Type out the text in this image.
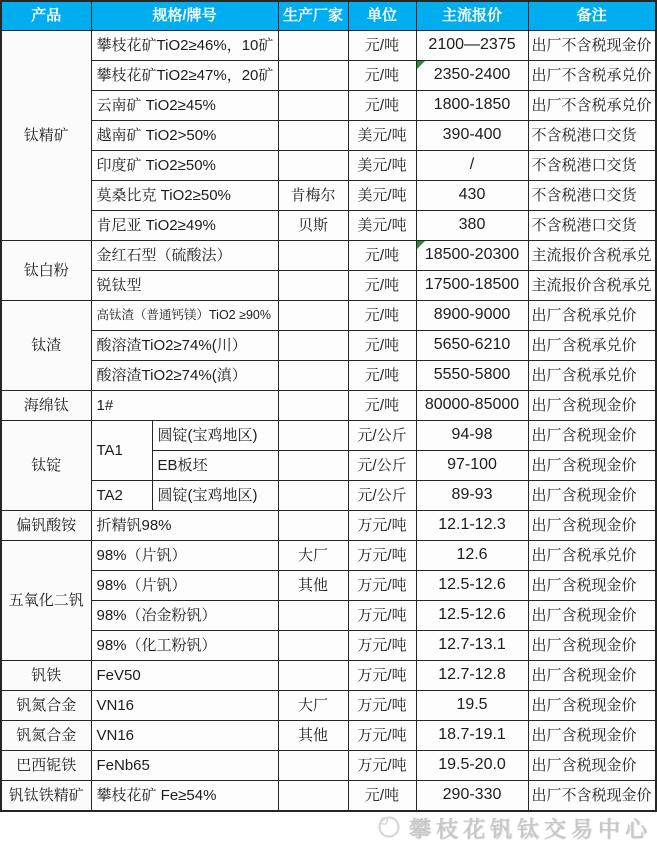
产品	规格/牌号		生产厂家	单位	主流报价	备注
钛精矿	攀枝花矿TiO2≥46%，10矿			元/吨	2100—2375	出厂不含税现金价
	攀枝花矿TiO2≥47%，20矿			元/吨	2350-2400	出厂不含税承兑价
	云南矿 TiO2≥45%			元/吨	1800-1850	出厂不含税承兑价
	越南矿 TiO2>50%			美元/吨	390-400	不含税港口交货
	印度矿 TiO2≥50%			美元/吨	/	不含税港口交货
	莫桑比克 TiO2≥50%		肯梅尔	美元/吨	430	不含税港口交货
	肯尼亚 TiO2≥49%		贝斯	美元/吨	380	不含税港口交货
钛白粉	金红石型（硫酸法）			元/吨	18500-20300	主流报价含税承兑
	锐钛型			元/吨	17500-18500	主流报价含税承兑
钛渣	高钛渣（普通钙镁）TiO2 ≥90%			元/吨	8900-9000	出厂含税承兑价
	酸溶渣TiO2≥74%(川）			元/吨	5650-6210	出厂含税承兑价
	酸溶渣TiO2≥74%(滇）			元/吨	5550-5800	出厂含税承兑价
海绵钛	1#			元/吨	80000-85000	出厂含税现金价
钛锭	TA1	圆锭(宝鸡地区)		元/公斤	94-98	出厂含税现金价
		EB板坯		元/公斤	97-100	出厂含税现金价
	TA2	圆锭(宝鸡地区)		元/公斤	89-93	出厂含税现金价
偏钒酸铵	折精钒98%			万元/吨	12.1-12.3	出厂含税现金价
五氧化二钒	98%（片钒）		大厂	万元/吨	12.6	出厂含税承兑价
	98%（片钒）		其他	万元/吨	12.5-12.6	出厂含税现金价
	98%（冶金粉钒）			万元/吨	12.5-12.6	出厂含税现金价
	98%（化工粉钒）			万元/吨	12.7-13.1	出厂含税现金价
钒铁	FeV50			万元/吨	12.7-12.8	出厂含税现金价
钒氮合金	VN16		大厂	万元/吨	19.5	出厂含税现金价
钒氮合金	VN16		其他	万元/吨	18.7-19.1	出厂含税现金价
巴西铌铁	FeNb65			万元/吨	19.5-20.0	出厂含税现金价
钒钛铁精矿	攀枝花矿 Fe≥54%			元/吨	290-330	出厂不含税现金价
攀枝花钒钛交易中心
